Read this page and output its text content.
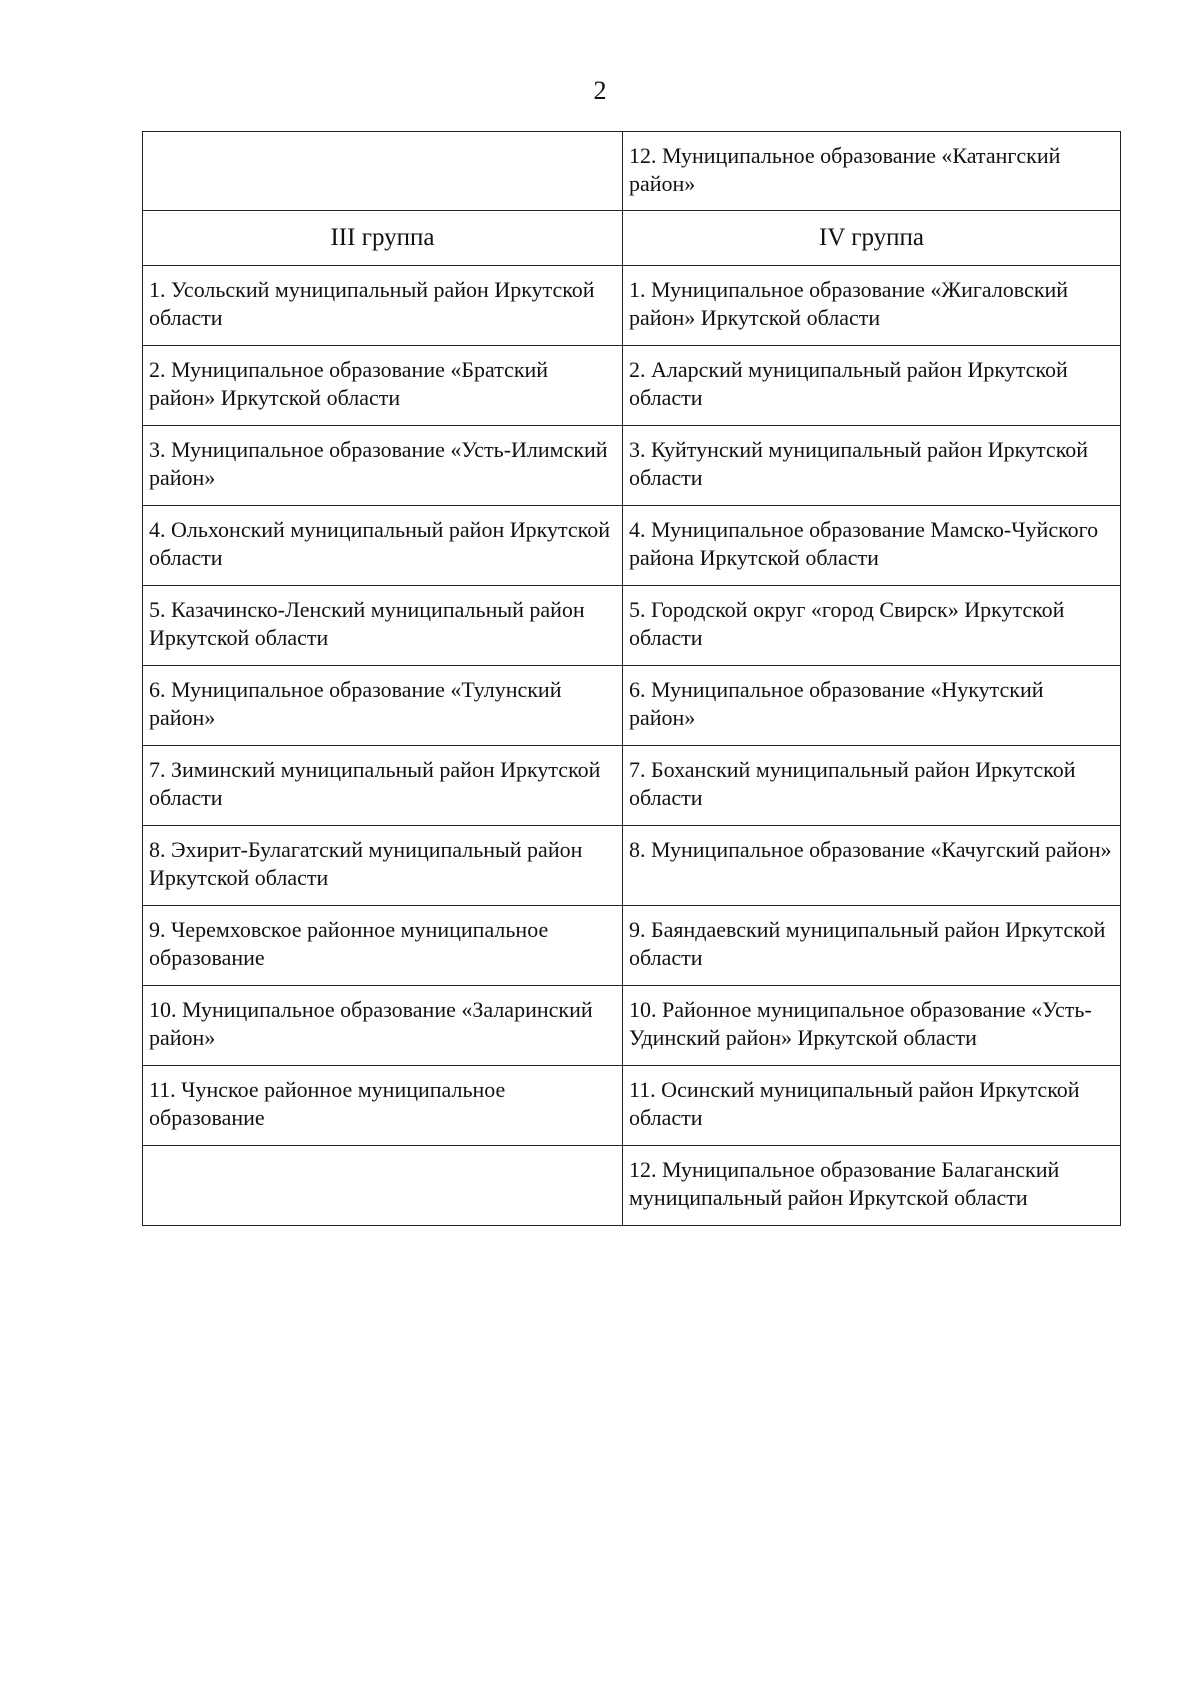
2
	12. Муниципальное образование «Катангский район»
III группа	IV группа
1. Усольский муниципальный район Иркутской области	1. Муниципальное образование «Жигаловский район» Иркутской области
2. Муниципальное образование «Братский район» Иркутской области	2. Аларский муниципальный район Иркутской области
3. Муниципальное образование «Усть-Илимский район»	3. Куйтунский муниципальный район Иркутской области
4. Ольхонский муниципальный район Иркутской области	4. Муниципальное образование Мамско-Чуйского района Иркутской области
5. Казачинско-Ленский муниципальный район Иркутской области	5. Городской округ «город Свирск» Иркутской области
6. Муниципальное образование «Тулунский район»	6. Муниципальное образование «Нукутский район»
7. Зиминский муниципальный район Иркутской области	7. Боханский муниципальный район Иркутской области
8. Эхирит-Булагатский муниципальный район Иркутской области	8. Муниципальное образование «Качугский район»
9. Черемховское районное муниципальное образование	9. Баяндаевский муниципальный район Иркутской области
10. Муниципальное образование «Заларинский район»	10. Районное муниципальное образование «Усть-Удинский район» Иркутской области
11. Чунское районное муниципальное образование	11. Осинский муниципальный район Иркутской области
	12. Муниципальное образование Балаганский муниципальный район Иркутской области
